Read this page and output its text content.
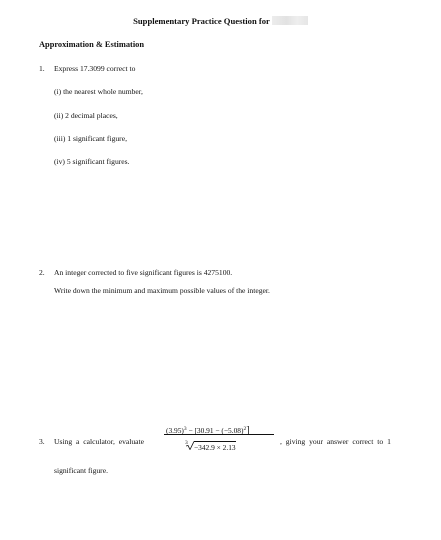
Supplementary Practice Question for
Approximation & Estimation
1. Express 17.3099 correct to
(i) the nearest whole number,
(ii) 2 decimal places,
(iii) 1 significant figure,
(iv) 5 significant figures.
2. An integer corrected to five significant figures is 4275100.
Write down the minimum and maximum possible values of the integer.
3. Using a calculator, evaluate
$(3.95)^3 - [30.91 - (-5.08)^2]$
$^3$ −342.9 × 2.13
, giving your answer correct to 1
significant figure.
